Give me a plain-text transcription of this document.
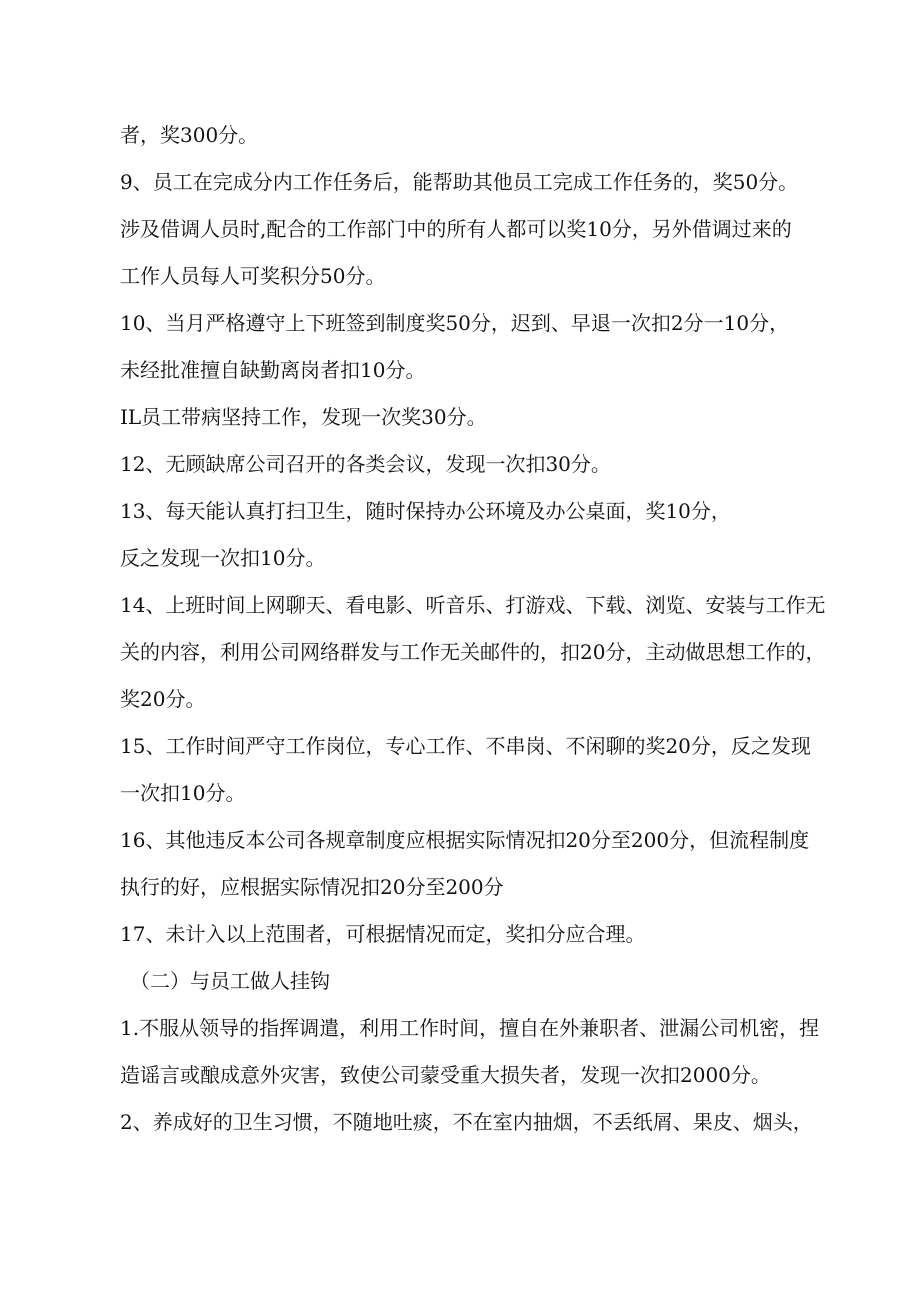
者，奖300分。
9、员工在完成分内工作任务后，能帮助其他员工完成工作任务的，奖50分。
涉及借调人员时,配合的工作部门中的所有人都可以奖10分，另外借调过来的
工作人员每人可奖积分50分。
10、当月严格遵守上下班签到制度奖50分，迟到、早退一次扣2分一10分，
未经批准擅自缺勤离岗者扣10分。
IL员工带病坚持工作，发现一次奖30分。
12、无顾缺席公司召开的各类会议，发现一次扣30分。
13、每天能认真打扫卫生，随时保持办公环境及办公桌面，奖10分，
反之发现一次扣10分。
14、上班时间上网聊天、看电影、听音乐、打游戏、下载、浏览、安装与工作无
关的内容，利用公司网络群发与工作无关邮件的，扣20分，主动做思想工作的，
奖20分。
15、工作时间严守工作岗位，专心工作、不串岗、不闲聊的奖20分，反之发现
一次扣10分。
16、其他违反本公司各规章制度应根据实际情况扣20分至200分，但流程制度
执行的好，应根据实际情况扣20分至200分
17、未计入以上范围者，可根据情况而定，奖扣分应合理。
（二）与员工做人挂钩
1.不服从领导的指挥调遣，利用工作时间，擅自在外兼职者、泄漏公司机密，捏
造谣言或酿成意外灾害，致使公司蒙受重大损失者，发现一次扣2000分。
2、养成好的卫生习惯，不随地吐痰，不在室内抽烟，不丢纸屑、果皮、烟头，
